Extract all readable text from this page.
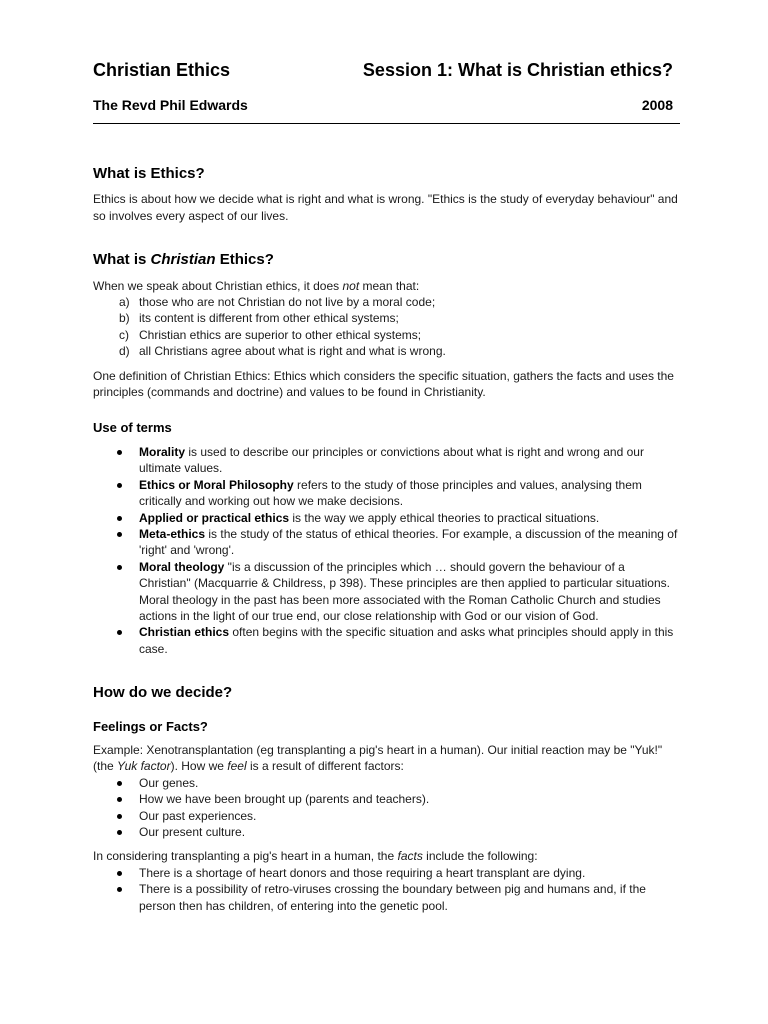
Christian Ethics	Session 1: What is Christian ethics?
The Revd Phil Edwards	2008
What is Ethics?

Ethics is about how we decide what is right and what is wrong. "Ethics is the study of everyday behaviour" and so involves every aspect of our lives.

What is Christian Ethics?

When we speak about Christian ethics, it does not mean that:

a) those who are not Christian do not live by a moral code;
b) its content is different from other ethical systems;
c) Christian ethics are superior to other ethical systems;
d) all Christians agree about what is right and what is wrong.

One definition of Christian Ethics: Ethics which considers the specific situation, gathers the facts and uses the principles (commands and doctrine) and values to be found in Christianity.

Use of terms
Morality is used to describe our principles or convictions about what is right and wrong and our ultimate values.
Ethics or Moral Philosophy refers to the study of those principles and values, analysing them critically and working out how we make decisions.
Applied or practical ethics is the way we apply ethical theories to practical situations.
Meta-ethics is the study of the status of ethical theories. For example, a discussion of the meaning of 'right' and 'wrong'.
Moral theology "is a discussion of the principles which … should govern the behaviour of a Christian" (Macquarrie & Childress, p 398). These principles are then applied to particular situations. Moral theology in the past has been more associated with the Roman Catholic Church and studies actions in the light of our true end, our close relationship with God or our vision of God.
Christian ethics often begins with the specific situation and asks what principles should apply in this case.
How do we decide?
Feelings or Facts?

Example: Xenotransplantation (eg transplanting a pig's heart in a human). Our initial reaction may be "Yuk!" (the Yuk factor). How we feel is a result of different factors:

Our genes.
How we have been brought up (parents and teachers).
Our past experiences.
Our present culture.

In considering transplanting a pig's heart in a human, the facts include the following:

There is a shortage of heart donors and those requiring a heart transplant are dying.
There is a possibility of retro-viruses crossing the boundary between pig and humans and, if the person then has children, of entering into the genetic pool.
